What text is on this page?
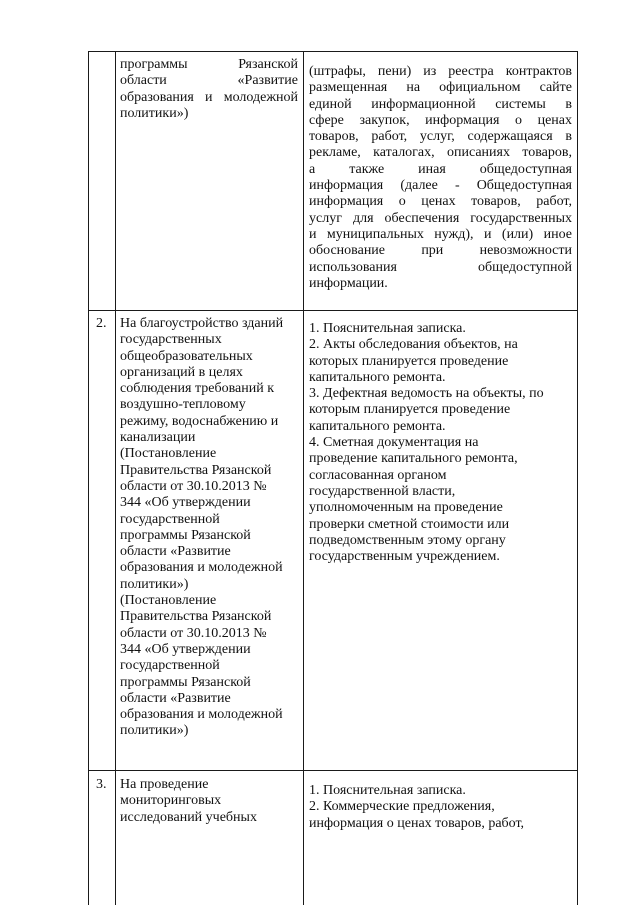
программы Рязанской
области «Развитие
образования и молодежной
политики»)
(штрафы, пени) из реестра контрактов
размещенная на официальном сайте
единой информационной системы в
сфере закупок, информация о ценах
товаров, работ, услуг, содержащаяся в
рекламе, каталогах, описаниях товаров,
а также иная общедоступная
информация (далее - Общедоступная
информация о ценах товаров, работ,
услуг для обеспечения государственных
и муниципальных нужд), и (или) иное
обоснование при невозможности
использования общедоступной
информации.
2. На благоустройство зданий
государственных
общеобразовательных
организаций в целях
соблюдения требований к
воздушно-тепловому
режиму, водоснабжению и
канализации
(Постановление
Правительства Рязанской
области от 30.10.2013 №
344 «Об утверждении
государственной
программы Рязанской
области «Развитие
образования и молодежной
политики»)
(Постановление
Правительства Рязанской
области от 30.10.2013 №
344 «Об утверждении
государственной
программы Рязанской
области «Развитие
образования и молодежной
политики»)
1. Пояснительная записка.
2. Акты обследования объектов, на
которых планируется проведение
капитального ремонта.
3. Дефектная ведомость на объекты, по
которым планируется проведение
капитального ремонта.
4. Сметная документация на
проведение капитального ремонта,
согласованная органом
государственной власти,
уполномоченным на проведение
проверки сметной стоимости или
подведомственным этому органу
государственным учреждением.
3. На проведение
мониторинговых
исследований учебных
1. Пояснительная записка.
2. Коммерческие предложения,
информация о ценах товаров, работ,
